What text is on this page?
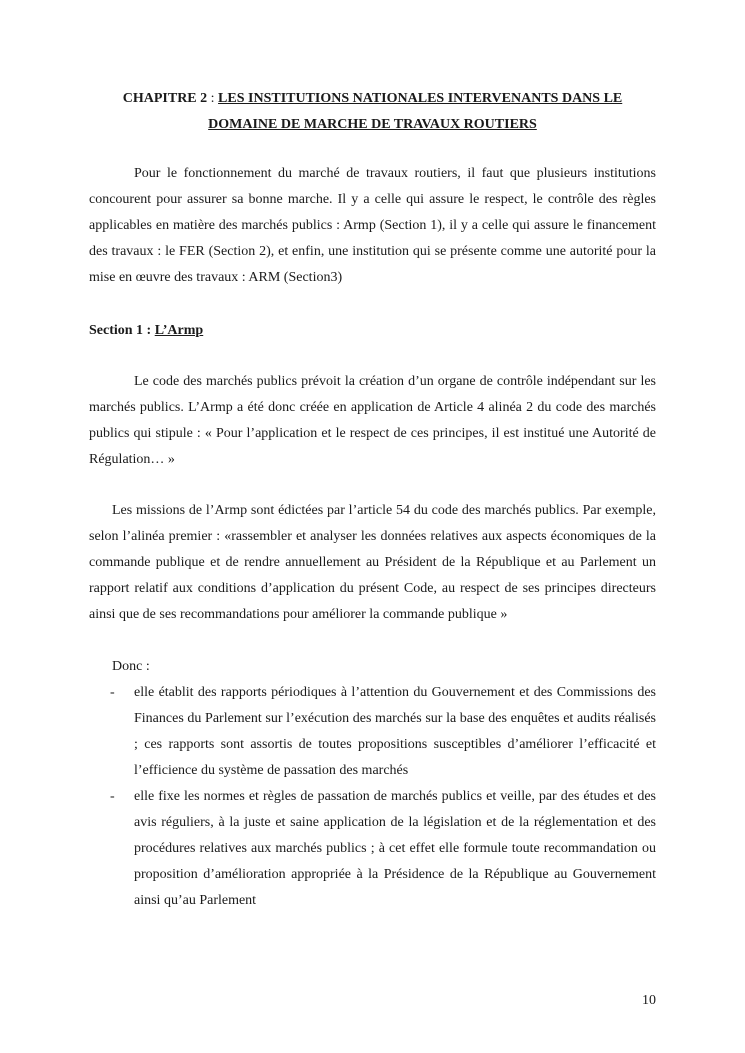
CHAPITRE 2 : LES INSTITUTIONS NATIONALES INTERVENANTS DANS LE
DOMAINE DE MARCHE DE TRAVAUX ROUTIERS

Pour le fonctionnement du marché de travaux routiers, il faut que plusieurs institutions concourent pour assurer sa bonne marche. Il y a celle qui assure le respect, le contrôle des règles applicables en matière des marchés publics : Armp (Section 1), il y a celle qui assure le financement des travaux : le FER (Section 2), et enfin, une institution qui se présente comme une autorité pour la mise en œuvre des travaux : ARM (Section3)

Section 1 : L’Armp

Le code des marchés publics prévoit la création d’un organe de contrôle indépendant sur les marchés publics. L’Armp a été donc créée en application de Article 4 alinéa 2 du code des marchés publics qui stipule : « Pour l’application et le respect de ces principes, il est institué une Autorité de Régulation… »

Les missions de l’Armp sont édictées par l’article 54 du code des marchés publics. Par exemple, selon l’alinéa premier : «rassembler et analyser les données relatives aux aspects économiques de la commande publique et de rendre annuellement au Président de la République et au Parlement un rapport relatif aux conditions d’application du présent Code, au respect de ses principes directeurs ainsi que de ses recommandations pour améliorer la commande publique »

Donc :
- elle établit des rapports périodiques à l’attention du Gouvernement et des Commissions des Finances du Parlement sur l’exécution des marchés sur la base des enquêtes et audits réalisés ; ces rapports sont assortis de toutes propositions susceptibles d’améliorer l’efficacité et l’efficience du système de passation des marchés
- elle fixe les normes et règles de passation de marchés publics et veille, par des études et des avis réguliers, à la juste et saine application de la législation et de la réglementation et des procédures relatives aux marchés publics ; à cet effet elle formule toute recommandation ou proposition d’amélioration appropriée à la Présidence de la République au Gouvernement ainsi qu’au Parlement
10
